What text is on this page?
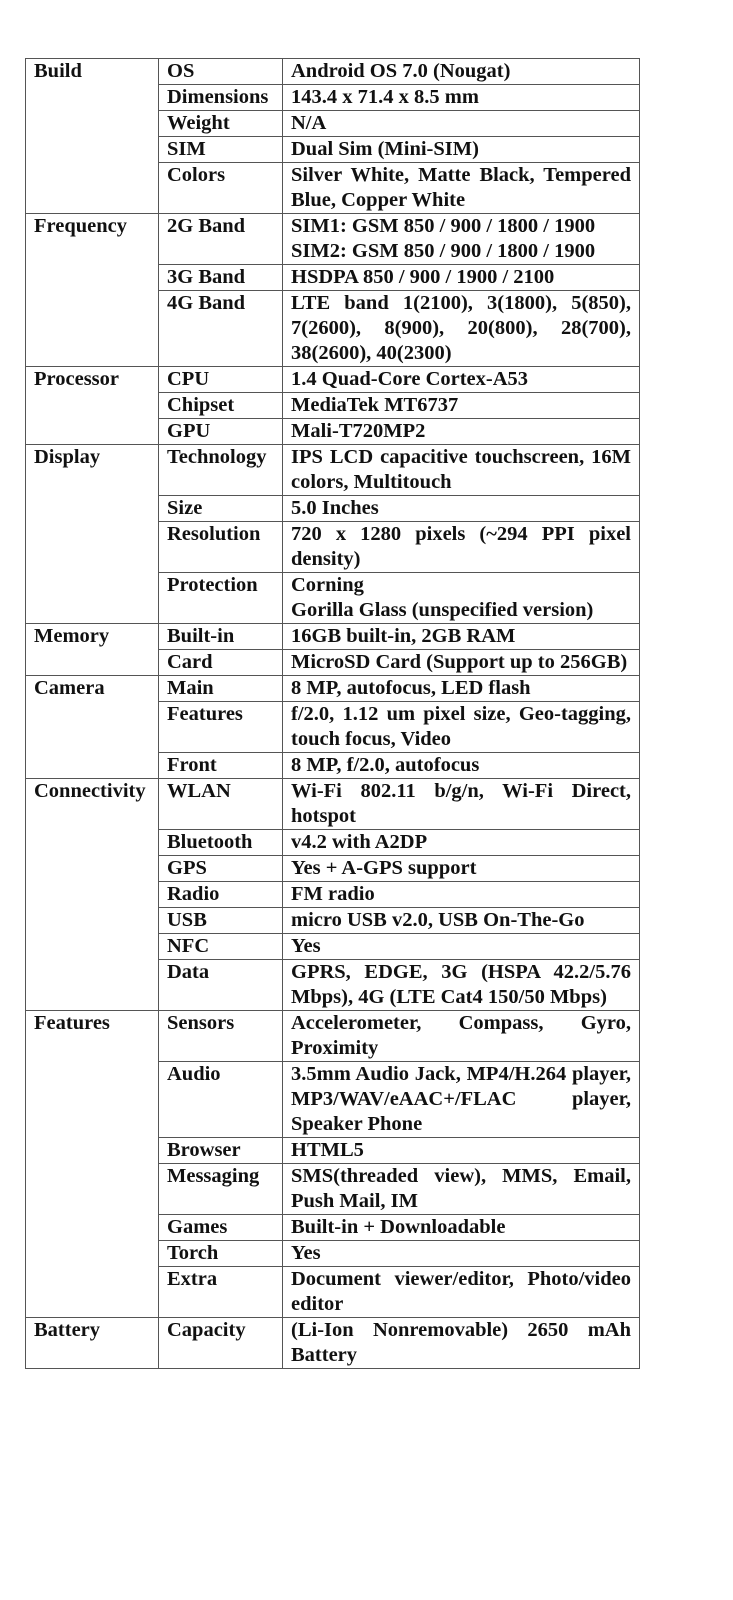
Build	OS	Android OS 7.0 (Nougat)

	Dimensions	143.4 x 71.4 x 8.5 mm

	Weight	N/A

	SIM	Dual Sim (Mini-SIM)

	Colors	Silver White, Matte Black, Tempered Blue, Copper White

Frequency	2G Band	SIM1: GSM 850 / 900 / 1800 / 1900
SIM2: GSM 850 / 900 / 1800 / 1900

	3G Band	HSDPA 850 / 900 / 1900 / 2100

	4G Band	LTE band 1(2100), 3(1800), 5(850), 7(2600), 8(900), 20(800), 28(700), 38(2600), 40(2300)

Processor	CPU	1.4 Quad-Core Cortex-A53

	Chipset	MediaTek MT6737

	GPU	Mali-T720MP2

Display	Technology	IPS LCD capacitive touchscreen, 16M colors, Multitouch

	Size	5.0 Inches

	Resolution	720 x 1280 pixels (~294 PPI pixel density)

	Protection	Corning
Gorilla Glass (unspecified version)

Memory	Built-in	16GB built-in, 2GB RAM

	Card	MicroSD Card (Support up to 256GB)

Camera	Main	8 MP, autofocus, LED flash

	Features	f/2.0, 1.12 um pixel size, Geo-tagging, touch focus, Video

	Front	8 MP, f/2.0, autofocus

Connectivity	WLAN	Wi-Fi 802.11 b/g/n, Wi-Fi Direct, hotspot

	Bluetooth	v4.2 with A2DP

	GPS	Yes + A-GPS support

	Radio	FM radio

	USB	micro USB v2.0, USB On-The-Go

	NFC	Yes

	Data	GPRS, EDGE, 3G (HSPA 42.2/5.76 Mbps), 4G (LTE Cat4 150/50 Mbps)

Features	Sensors	Accelerometer, Compass, Gyro, Proximity

	Audio	3.5mm Audio Jack, MP4/H.264 player, MP3/WAV/eAAC+/FLAC player, Speaker Phone

	Browser	HTML5

	Messaging	SMS(threaded view), MMS, Email, Push Mail, IM

	Games	Built-in + Downloadable

	Torch	Yes

	Extra	Document viewer/editor, Photo/video editor

Battery	Capacity	(Li-Ion Nonremovable) 2650 mAh Battery
